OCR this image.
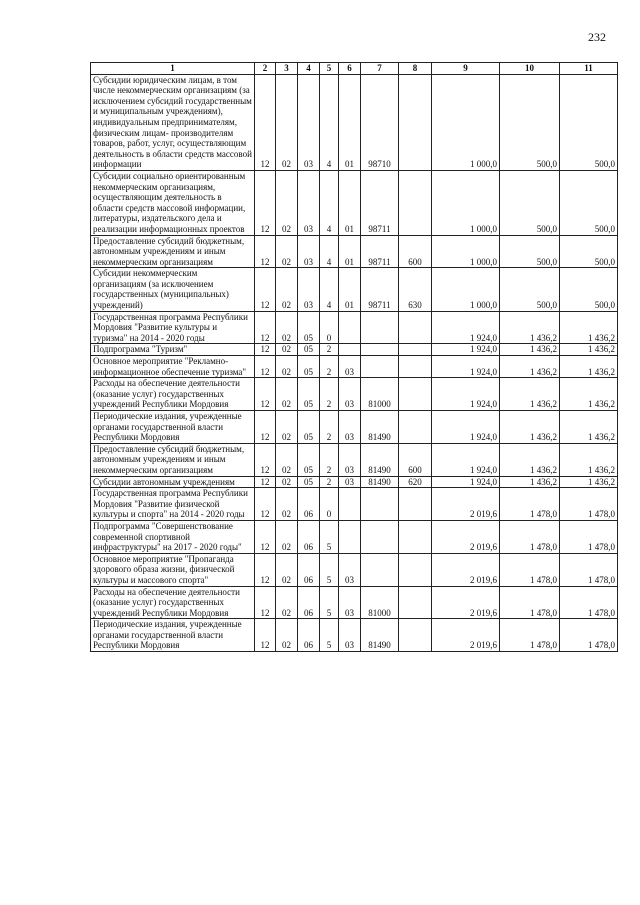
232
1	2	3	4	5	6	7	8	9	10	11
Субсидии юридическим лицам, в том числе некоммерческим организациям (за исключением субсидий государственным и муниципальным учреждениям), индивидуальным предпринимателям, физическим лицам- производителям товаров, работ, услуг, осуществляющим деятельность в области средств массовой информации	12	02	03	4	01	98710		1 000,0	500,0	500,0
Субсидии социально ориентированным некоммерческим организациям, осуществляющим деятельность в области средств массовой информации, литературы, издательского дела и реализации информационных проектов	12	02	03	4	01	98711		1 000,0	500,0	500,0
Предоставление субсидий бюджетным, автономным учреждениям и иным некоммерческим организациям	12	02	03	4	01	98711	600	1 000,0	500,0	500,0
Субсидии некоммерческим организациям (за исключением государственных (муниципальных) учреждений)	12	02	03	4	01	98711	630	1 000,0	500,0	500,0
Государственная программа Республики Мордовия "Развитие культуры и туризма" на 2014 - 2020 годы	12	02	05	0				1 924,0	1 436,2	1 436,2
Подпрограмма "Туризм"	12	02	05	2				1 924,0	1 436,2	1 436,2
Основное мероприятие "Рекламно-информационное обеспечение туризма"	12	02	05	2	03			1 924,0	1 436,2	1 436,2
Расходы на обеспечение деятельности (оказание услуг) государственных учреждений Республики Мордовия	12	02	05	2	03	81000		1 924,0	1 436,2	1 436,2
Периодические издания, учрежденные органами государственной власти Республики Мордовия	12	02	05	2	03	81490		1 924,0	1 436,2	1 436,2
Предоставление субсидий бюджетным, автономным учреждениям и иным некоммерческим организациям	12	02	05	2	03	81490	600	1 924,0	1 436,2	1 436,2
Субсидии автономным учреждениям	12	02	05	2	03	81490	620	1 924,0	1 436,2	1 436,2
Государственная программа Республики Мордовия "Развитие физической культуры и спорта" на 2014 - 2020 годы	12	02	06	0				2 019,6	1 478,0	1 478,0
Подпрограмма "Совершенствование современной спортивной инфраструктуры" на 2017 - 2020 годы"	12	02	06	5				2 019,6	1 478,0	1 478,0
Основное мероприятие "Пропаганда здорового образа жизни, физической культуры и массового спорта"	12	02	06	5	03			2 019,6	1 478,0	1 478,0
Расходы на обеспечение деятельности (оказание услуг) государственных учреждений Республики Мордовия	12	02	06	5	03	81000		2 019,6	1 478,0	1 478,0
Периодические издания, учрежденные органами государственной власти Республики Мордовия	12	02	06	5	03	81490		2 019,6	1 478,0	1 478,0
